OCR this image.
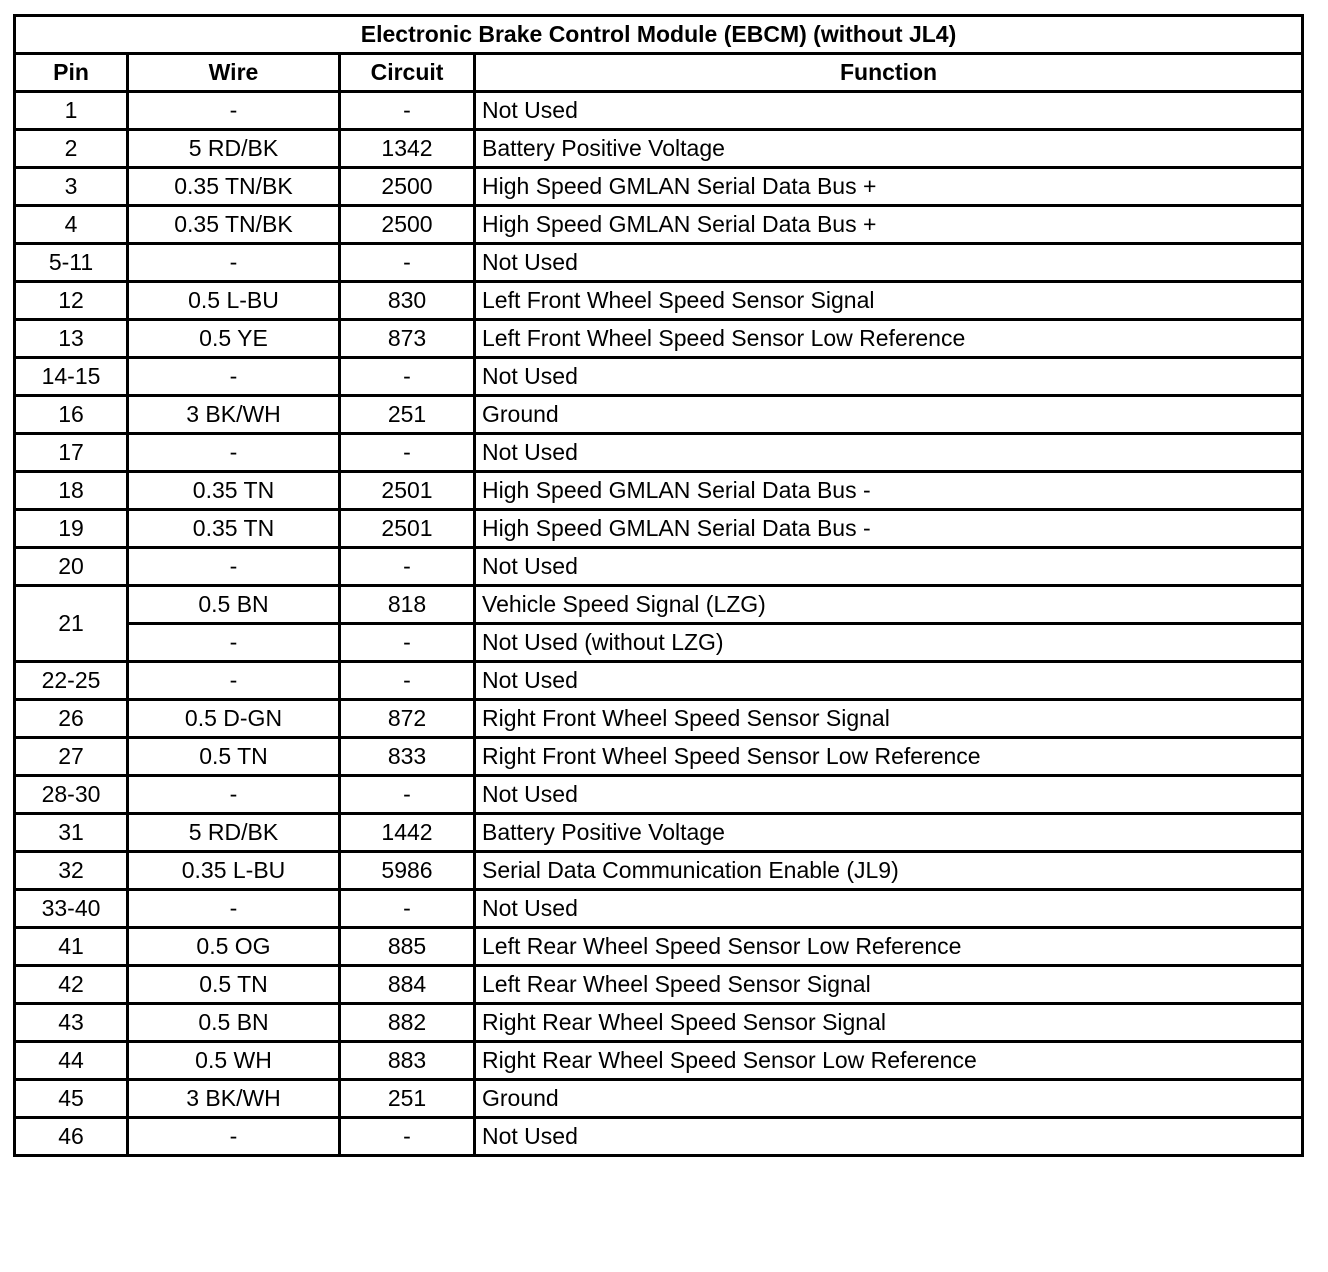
Electronic Brake Control Module (EBCM) (without JL4)			
Pin	Wire	Circuit	Function
1	-	-	Not Used
2	5 RD/BK	1342	Battery Positive Voltage
3	0.35 TN/BK	2500	High Speed GMLAN Serial Data Bus +
4	0.35 TN/BK	2500	High Speed GMLAN Serial Data Bus +
5-11	-	-	Not Used
12	0.5 L-BU	830	Left Front Wheel Speed Sensor Signal
13	0.5 YE	873	Left Front Wheel Speed Sensor Low Reference
14-15	-	-	Not Used
16	3 BK/WH	251	Ground
17	-	-	Not Used
18	0.35 TN	2501	High Speed GMLAN Serial Data Bus -
19	0.35 TN	2501	High Speed GMLAN Serial Data Bus -
20	-	-	Not Used
21	0.5 BN	818	Vehicle Speed Signal (LZG)
	-	-	Not Used (without LZG)
22-25	-	-	Not Used
26	0.5 D-GN	872	Right Front Wheel Speed Sensor Signal
27	0.5 TN	833	Right Front Wheel Speed Sensor Low Reference
28-30	-	-	Not Used
31	5 RD/BK	1442	Battery Positive Voltage
32	0.35 L-BU	5986	Serial Data Communication Enable (JL9)
33-40	-	-	Not Used
41	0.5 OG	885	Left Rear Wheel Speed Sensor Low Reference
42	0.5 TN	884	Left Rear Wheel Speed Sensor Signal
43	0.5 BN	882	Right Rear Wheel Speed Sensor Signal
44	0.5 WH	883	Right Rear Wheel Speed Sensor Low Reference
45	3 BK/WH	251	Ground
46	-	-	Not Used
